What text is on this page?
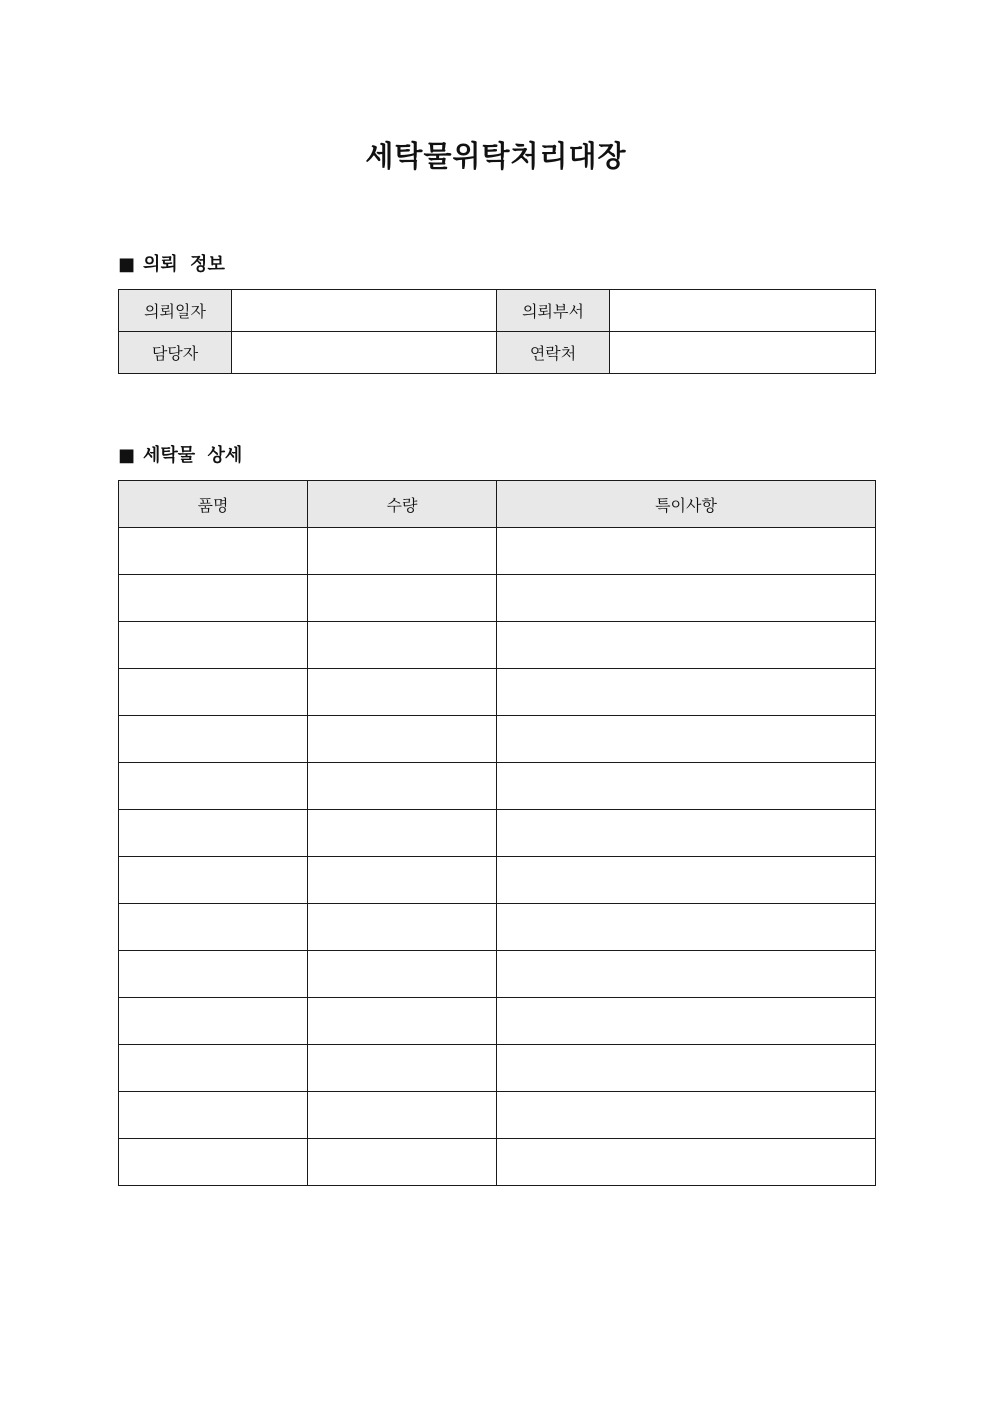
세탁물위탁처리대장
■ 의뢰 정보
의뢰일자		의뢰부서	
담당자		연락처	
■ 세탁물 상세
품명	수량	특이사항
